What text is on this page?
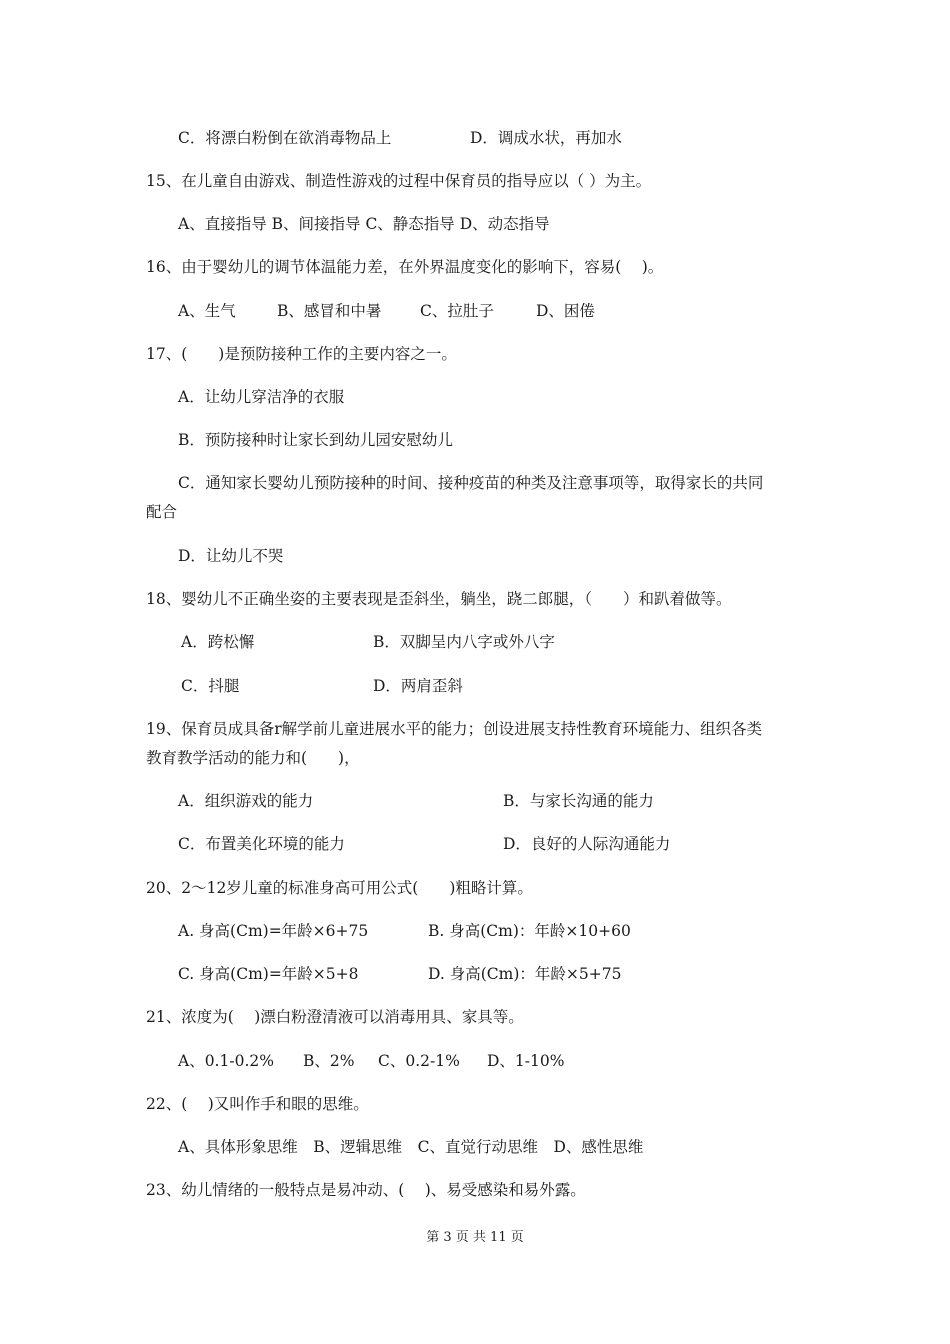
C．将漂白粉倒在欲消毒物品上	D．调成水状，再加水
15、在儿童自由游戏、制造性游戏的过程中保育员的指导应以（ ）为主。
A、直接指导 B、间接指导 C、静态指导 D、动态指导
16、由于婴幼儿的调节体温能力差，在外界温度变化的影响下，容易(　 )。
A、生气	B、感冒和中暑 C、拉肚子	D、困倦
17、(　　)是预防接种工作的主要内容之一。
A．让幼儿穿洁净的衣服
B．预防接种时让家长到幼儿园安慰幼儿
C．通知家长婴幼儿预防接种的时间、接种疫苗的种类及注意事项等，取得家长的共同
配合
D．让幼儿不哭
18、婴幼儿不正确坐姿的主要表现是歪斜坐，躺坐，跷二郎腿，（　　）和趴着做等。
A．跨松懈	B．双脚呈内八字或外八字
C．抖腿	D．两肩歪斜
19、保育员成具备r解学前儿童进展水平的能力；创设进展支持性教育环境能力、组织各类
教育教学活动的能力和(　　)，
A．组织游戏的能力	B．与家长沟通的能力
C．布置美化环境的能力	D．良好的人际沟通能力
20、2～12岁儿童的标准身高可用公式(　　)粗略计算。
A. 身高(Cm)=年龄×6+75	B. 身高(Cm)：年龄×10+60
C. 身高(Cm)=年龄×5+8	D. 身高(Cm)：年龄×5+75
21、浓度为(　 )漂白粉澄清液可以消毒用具、家具等。
A、0.1-0.2% B、2% C、0.2-1% D、1-10%
22、(　 )又叫作手和眼的思维。
A、具体形象思维　B、逻辑思维　C、直觉行动思维　D、感性思维
23、幼儿情绪的一般特点是易冲动、(　 )、易受感染和易外露。
第 3 页 共 11 页
